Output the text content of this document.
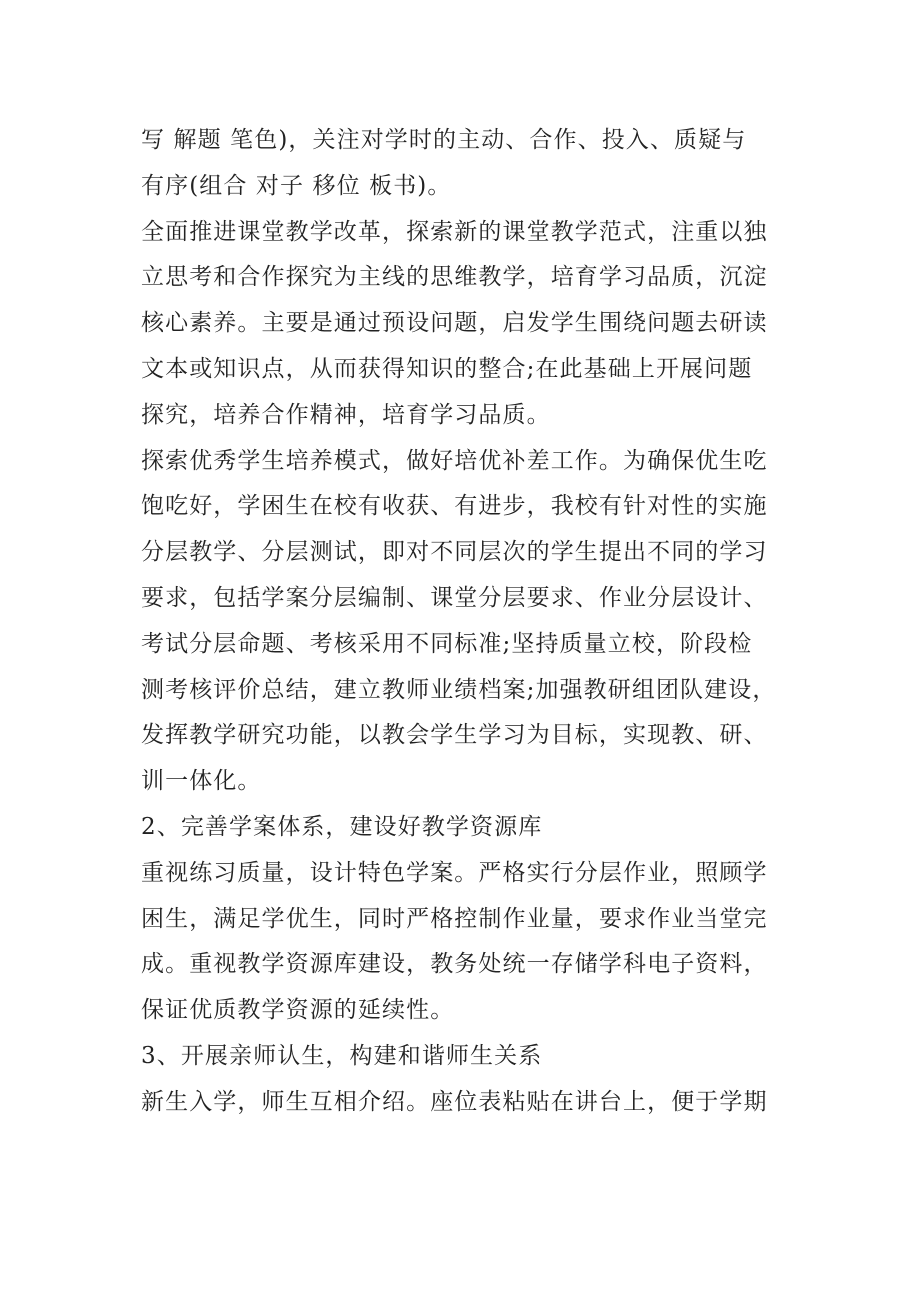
写 解题 笔色)，关注对学时的主动、合作、投入、质疑与
有序(组合 对子 移位 板书)。
全面推进课堂教学改革，探索新的课堂教学范式，注重以独
立思考和合作探究为主线的思维教学，培育学习品质，沉淀
核心素养。主要是通过预设问题，启发学生围绕问题去研读
文本或知识点，从而获得知识的整合;在此基础上开展问题
探究，培养合作精神，培育学习品质。
探索优秀学生培养模式，做好培优补差工作。为确保优生吃
饱吃好，学困生在校有收获、有进步，我校有针对性的实施
分层教学、分层测试，即对不同层次的学生提出不同的学习
要求，包括学案分层编制、课堂分层要求、作业分层设计、
考试分层命题、考核采用不同标准;坚持质量立校，阶段检
测考核评价总结，建立教师业绩档案;加强教研组团队建设，
发挥教学研究功能，以教会学生学习为目标，实现教、研、
训一体化。
2、完善学案体系，建设好教学资源库
重视练习质量，设计特色学案。严格实行分层作业，照顾学
困生，满足学优生，同时严格控制作业量，要求作业当堂完
成。重视教学资源库建设，教务处统一存储学科电子资料，
保证优质教学资源的延续性。
3、开展亲师认生，构建和谐师生关系
新生入学，师生互相介绍。座位表粘贴在讲台上，便于学期
